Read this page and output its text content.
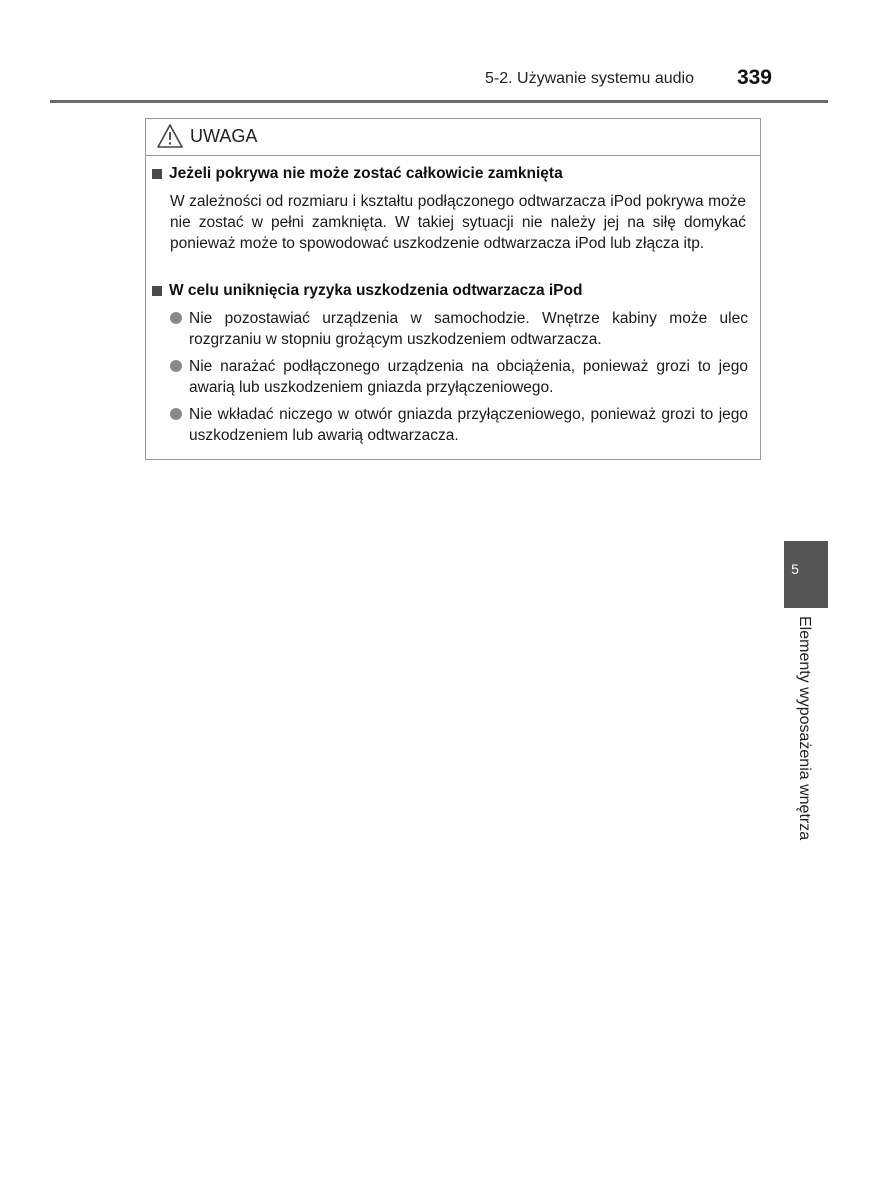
5-2. Używanie systemu audio 339
UWAGA
Jeżeli pokrywa nie może zostać całkowicie zamknięta
W zależności od rozmiaru i kształtu podłączonego odtwarzacza iPod pokrywa może nie zostać w pełni zamknięta. W takiej sytuacji nie należy jej na siłę domykać ponieważ może to spowodować uszkodzenie odtwarzacza iPod lub złącza itp.
W celu uniknięcia ryzyka uszkodzenia odtwarzacza iPod
Nie pozostawiać urządzenia w samochodzie. Wnętrze kabiny może ulec rozgrzaniu w stopniu grożącym uszkodzeniem odtwarzacza.
Nie narażać podłączonego urządzenia na obciążenia, ponieważ grozi to jego awarią lub uszkodzeniem gniazda przyłączeniowego.
Nie wkładać niczego w otwór gniazda przyłączeniowego, ponieważ grozi to jego uszkodzeniem lub awarią odtwarzacza.
5
Elementy wyposażenia wnętrza
